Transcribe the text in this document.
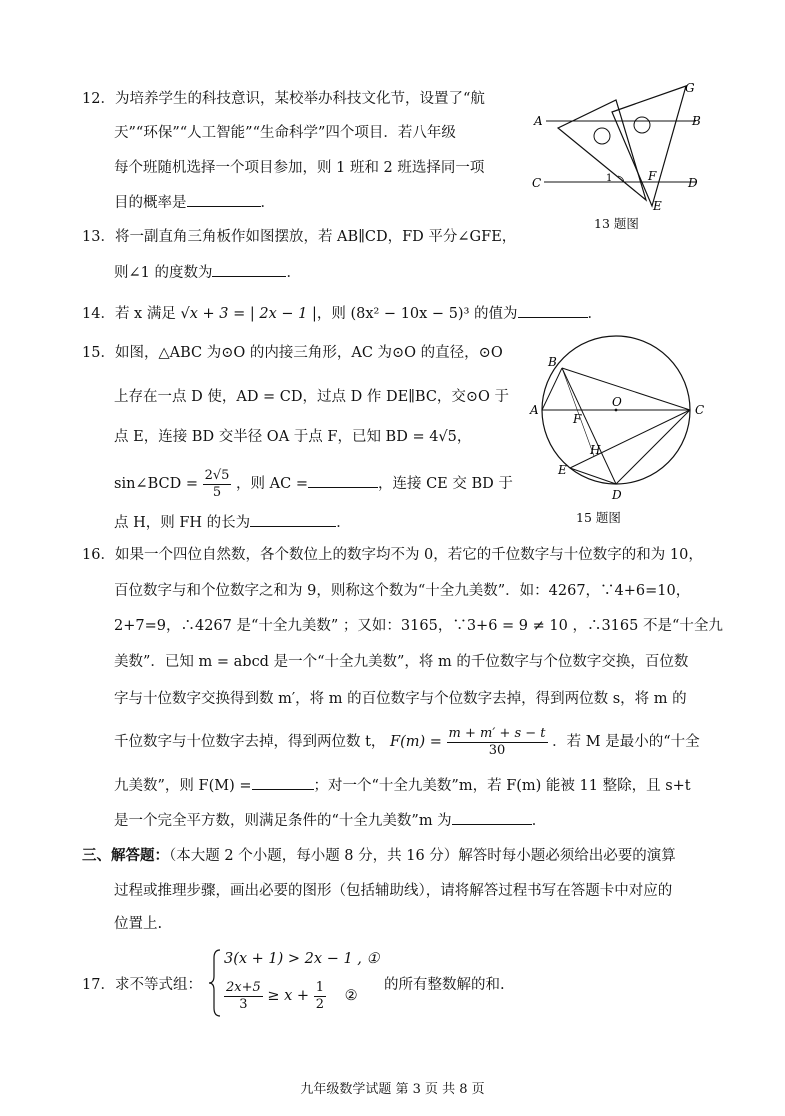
12．为培养学生的科技意识，某校举办科技文化节，设置了“航
天”“环保”“人工智能”“生命科学”四个项目．若八年级
每个班随机选择一个项目参加，则 1 班和 2 班选择同一项
目的概率是	．
A	B
C	D
E
F
G
1
13 题图
13．将一副直角三角板作如图摆放，若 AB∥CD，FD 平分∠GFE，
则∠1 的度数为	．
14．若 x 满足 √x + 3 = | 2x − 1 |，则 (8x² − 10x − 5)³ 的值为	．
15．如图，△ABC 为⊙O 的内接三角形，AC 为⊙O 的直径，⊙O
上存在一点 D 使，AD = CD，过点 D 作 DE∥BC，交⊙O 于
点 E，连接 BD 交半径 OA 于点 F，已知 BD = 4√5，
sin∠BCD = $\frac{2√5}{5}$ ，则 AC =	，连接 CE 交 BD 于
点 H，则 FH 的长为	．
A
B
C
D
E
F
H
O
15 题图
16．如果一个四位自然数，各个数位上的数字均不为 0，若它的千位数字与十位数字的和为 10，
百位数字与和个位数字之和为 9，则称这个数为“十全九美数”．如：4267，∵4+6=10，
2+7=9，∴4267 是“十全九美数” ；又如：3165，∵3+6 = 9 ≠ 10 ，∴3165 不是“十全九
美数”．已知 m = abcd 是一个“十全九美数”，将 m 的千位数字与个位数字交换，百位数
字与十位数字交换得到数 m′，将 m 的百位数字与个位数字去掉，得到两位数 s，将 m 的
千位数字与十位数字去掉，得到两位数 t， $F(m) = \frac{m + m' + s - t}{30}$ ．若 M 是最小的“十全
九美数”，则 F(M) =	；对一个“十全九美数”m，若 F(m) 能被 11 整除，且 s+t
是一个完全平方数，则满足条件的“十全九美数”m 为	．
三、解答题：（本大题 2 个小题，每小题 8 分，共 16 分）解答时每小题必须给出必要的演算
过程或推理步骤，画出必要的图形（包括辅助线），请将解答过程书写在答题卡中对应的
位置上.
17．求不等式组：
3(x + 1) > 2x − 1 , ①
$\frac{2x+5}{3} \ge x + \frac{1}{2}$ ②
的所有整数解的和.
九年级数学试题 第 3 页 共 8 页
